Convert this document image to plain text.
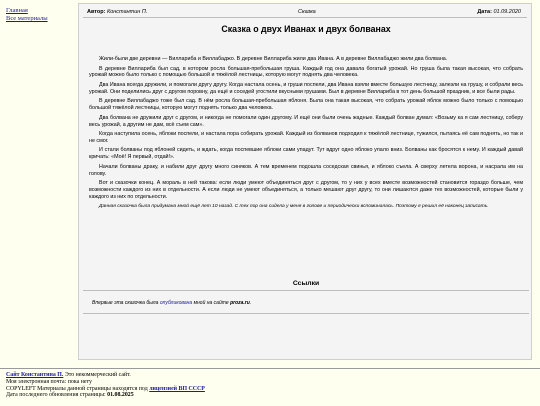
Главная
Все материалы
Автор: Константин П.	Сказка	Дата: 01.09.2020
Сказка о двух Иванах и двух болванах

Жили-были две деревни — Виллариба и Виллабаджо. В деревне Виллариба жили два Ивана. А в деревне Виллабаджо жили два болвана.

В деревне Виллариба был сад, в котором росла большая-пребольшая груша. Каждый год она давала богатый урожай. Но груша была такая высокая, что собрать урожай можно было только с помощью большой и тяжёлой лестницы, которую могут поднять два человека.

Два Ивана всегда дружили, и помогали другу другу. Когда настала осень, и груши поспели, два Ивана взяли вместе большую лестницу, залезли на грушу, и собрали весь урожай. Они поделились друг с другом поровну, да ещё и соседей угостили вкусными грушами. Был в деревне Виллариба в тот день большой праздник, и все были рады.

В деревне Виллабаджо тоже был сад. В нём росла большая-пребольшая яблоня. Была она такая высокая, что собрать урожай яблок можно было только с помощью большой тяжёлой лестницы, которую могут поднять только два человека.

Два болвана не дружили друг с другом, и никогда не помогали один другому. И ещё они были очень жадные. Каждый болван думал: «Возьму ка я сам лестницу, соберу весь урожай, а другим не дам, всё съем сам».

Когда наступила осень, яблоки поспели, и настала пора собирать урожай. Каждый из болванов подходил к тяжёлой лестнице, тужился, пытаясь её сам поднять, но так и не смог.

И стали болваны под яблоней сидеть, и ждать, когда поспевшие яблоки сами упадут. Тут вдруг одно яблоко упало вниз. Болваны как бросятся к нему. И каждый давай кричать: «Моё! Я первый, отдай!».

Начали болваны драку, и набили друг другу много синяков. А тем временем подошла соседская свинья, и яблоко съела. А сверху летела ворона, и насрала им на голову.

Вот и сказочки конец. А мораль в ней такова: если люди умеют объединяться друг с другом, то у них у всех вместе возможностей становится гораздо больше, чем возможности каждого из них в отдельности. А если люди не умеют объединяться, а только мешают друг другу, то они лишаются даже тех возможностей, которые были у каждого из них по отдельности.

Данная сказочка была придумана мной ещё лет 10 назад. С тех пор она сидела у меня в голове и периодически вспоминалась. Поэтому я решил её наконец записать.

Ссылки
Впервые эта сказочка была опубликована мной на сайте proza.ru.
Сайт Константина П. Это некоммерческий сайт.
Моя электронная почта: пока нету
COPYLEFT Материалы данной страницы находятся под лицензией ВП СССР
Дата последнего обновления страницы: 01.08.2025
